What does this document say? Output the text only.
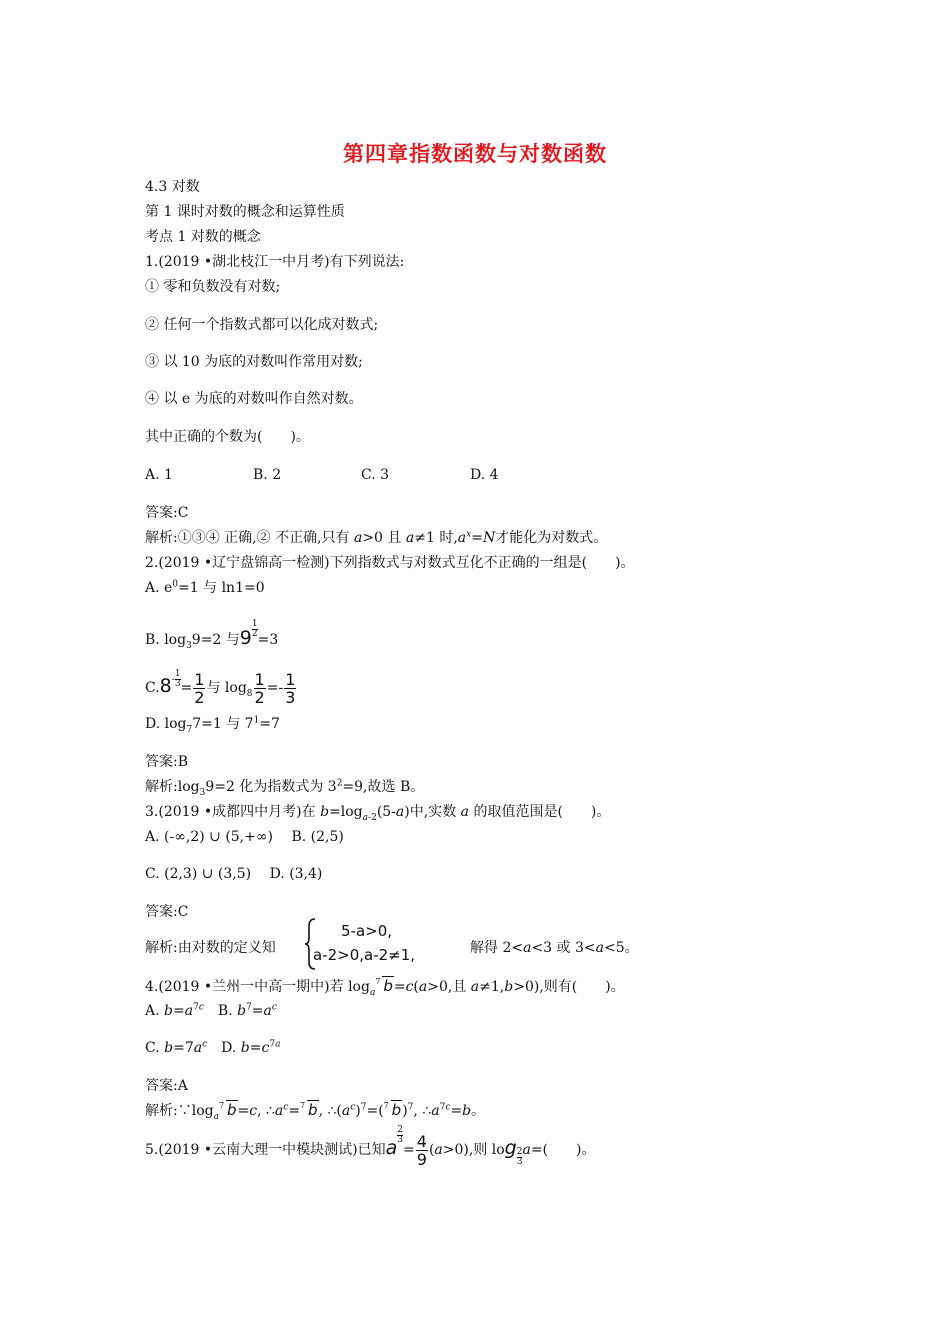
第四章指数函数与对数函数
4.3 对数
第 1 课时对数的概念和运算性质
考点 1 对数的概念
1.(2019 •湖北枝江一中月考)有下列说法:
① 零和负数没有对数;
② 任何一个指数式都可以化成对数式;
③ 以 10 为底的对数叫作常用对数;
④ 以 e 为底的对数叫作自然对数。
其中正确的个数为(　　)。
A. 1	B. 2	C. 3	D. 4
答案:C
解析:①③④ 正确,② 不正确,只有 a>0 且 a≠1 时$,a^x=N$才能化为对数式。
2.(2019 •辽宁盘锦高一检测)下列指数式与对数式互化不正确的一组是(　　)。
A. $e^0=1$ 与 ln1=0
B. $\log_39=2$ 与$9 \frac{1}{2}$
=3
$C.8- \frac{1}{3} = \frac{1}{2}$ 与 $\log_8 \frac{1}{2} =- \frac{1}{3}$
D. $\log_77=1$ 与 $7^1=7$
答案:B
解析$:\log_39=2$ 化为指数式为 $3^2=9$,故选 B。
3.(2019 •成都四中月考)在 $b=\log_{a-2}(5-a)$中,实数 a 的取值范围是(　　)。
A. (-∞,2) ∪ (5,+∞)　 B. (2,5)
C. (2,3) ∪ (3,5)　 D. (3,4)
答案:C
解析:由对数的定义知
5-a>0,
a-2>0,a-2≠1,	解得 2<a<3 或 3<a<5。
4.(2019 •兰州一中高一期中)若 $\log_a$
7 b=c(a>0,且 a≠1,b>0),则有(　　)。
A. $b=a^{7c}$　 B. $b^7=a^c$
C. $b=7a^c$　 D. $b=c^{7a}$
答案:A
解析$:\because\log_a$
7 b=c, $\therefore a^c= 7$ b, $\therefore(a^c)^7=$( 7 b)$^7$, $\therefore a^{7c}=b$。
5.(2019 •云南大理一中模块测试)已知a
$\frac{2}{3}$
= $\frac{4}{9} (a>0)$,则 $\log \frac{2}{3} a=$(　　)。
